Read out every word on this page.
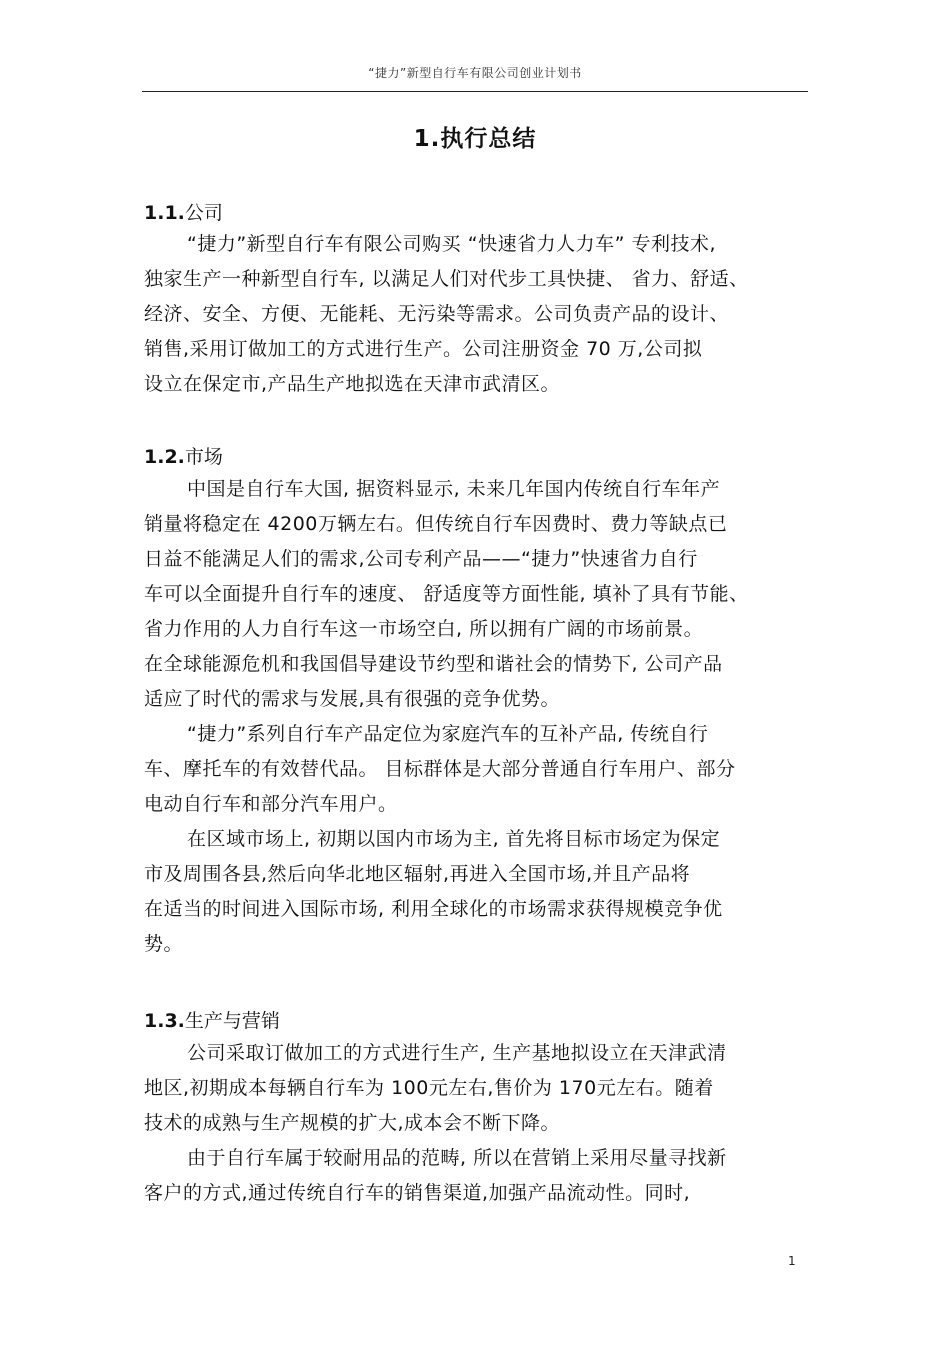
“捷力”新型自行车有限公司创业计划书
1.执行总结
1.1.公司
“捷力”新型自行车有限公司购买 “快速省力人力车” 专利技术,
独家生产一种新型自行车, 以满足人们对代步工具快捷、 省力、舒适、
经济、安全、方便、无能耗、无污染等需求。公司负责产品的设计、
销售,采用订做加工的方式进行生产。公司注册资金 70 万,公司拟
设立在保定市,产品生产地拟选在天津市武清区。
1.2.市场
中国是自行车大国, 据资料显示, 未来几年国内传统自行车年产
销量将稳定在 4200万辆左右。但传统自行车因费时、费力等缺点已
日益不能满足人们的需求,公司专利产品——“捷力”快速省力自行
车可以全面提升自行车的速度、 舒适度等方面性能, 填补了具有节能、
省力作用的人力自行车这一市场空白, 所以拥有广阔的市场前景。
在全球能源危机和我国倡导建设节约型和谐社会的情势下, 公司产品
适应了时代的需求与发展,具有很强的竞争优势。
“捷力”系列自行车产品定位为家庭汽车的互补产品, 传统自行
车、摩托车的有效替代品。 目标群体是大部分普通自行车用户、部分
电动自行车和部分汽车用户。
在区域市场上, 初期以国内市场为主, 首先将目标市场定为保定
市及周围各县,然后向华北地区辐射,再进入全国市场,并且产品将
在适当的时间进入国际市场, 利用全球化的市场需求获得规模竞争优
势。
1.3.生产与营销
公司采取订做加工的方式进行生产, 生产基地拟设立在天津武清
地区,初期成本每辆自行车为 100元左右,售价为 170元左右。随着
技术的成熟与生产规模的扩大,成本会不断下降。
由于自行车属于较耐用品的范畴, 所以在营销上采用尽量寻找新
客户的方式,通过传统自行车的销售渠道,加强产品流动性。同时,
1
